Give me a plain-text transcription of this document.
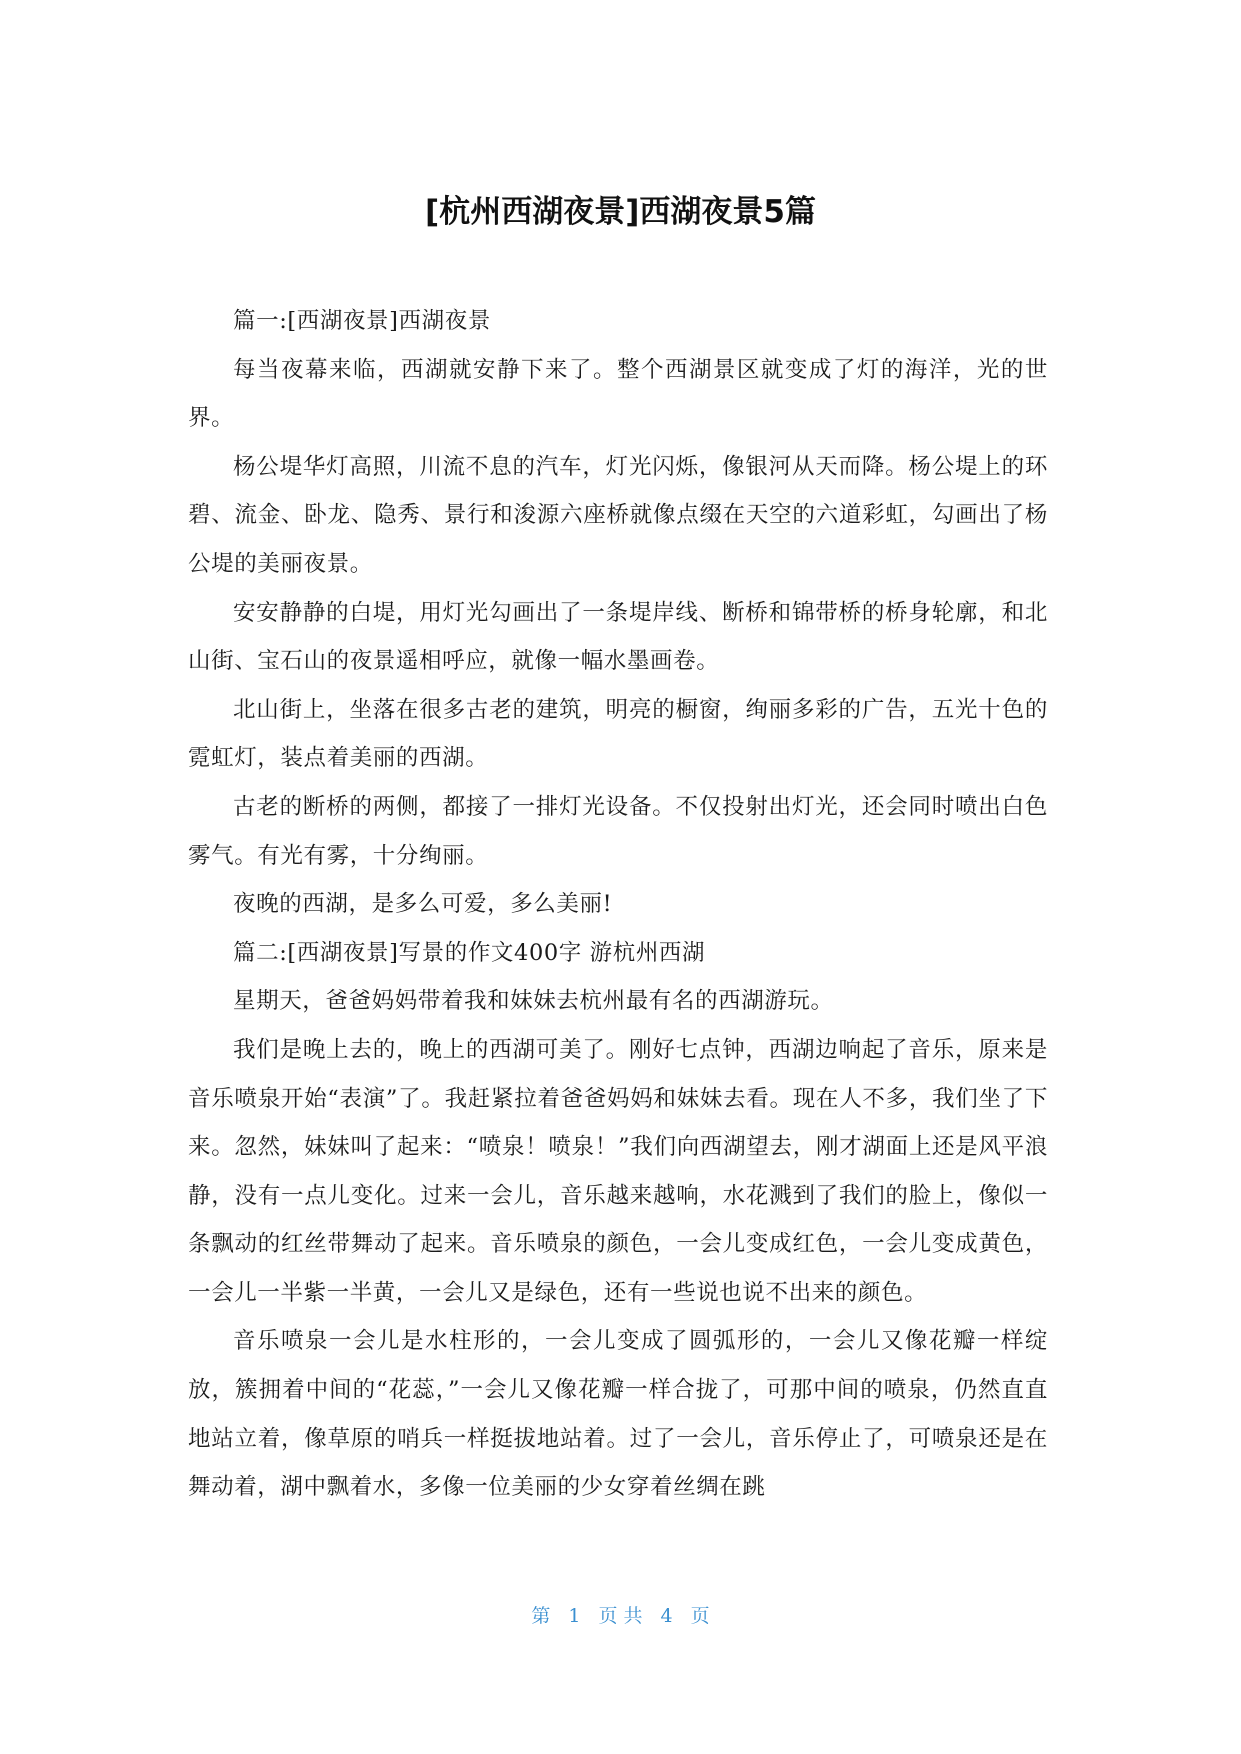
[杭州西湖夜景]西湖夜景5篇

篇一:[西湖夜景]西湖夜景

每当夜幕来临，西湖就安静下来了。整个西湖景区就变成了灯的海洋，光的世界。

杨公堤华灯高照，川流不息的汽车，灯光闪烁，像银河从天而降。杨公堤上的环碧、流金、卧龙、隐秀、景行和浚源六座桥就像点缀在天空的六道彩虹，勾画出了杨公堤的美丽夜景。

安安静静的白堤，用灯光勾画出了一条堤岸线、断桥和锦带桥的桥身轮廓，和北山街、宝石山的夜景遥相呼应，就像一幅水墨画卷。

北山街上，坐落在很多古老的建筑，明亮的橱窗，绚丽多彩的广告，五光十色的霓虹灯，装点着美丽的西湖。

古老的断桥的两侧，都接了一排灯光设备。不仅投射出灯光，还会同时喷出白色雾气。有光有雾，十分绚丽。

夜晚的西湖，是多么可爱，多么美丽!

篇二:[西湖夜景]写景的作文400字 游杭州西湖

星期天，爸爸妈妈带着我和妹妹去杭州最有名的西湖游玩。

我们是晚上去的，晚上的西湖可美了。刚好七点钟，西湖边响起了音乐，原来是音乐喷泉开始“表演”了。我赶紧拉着爸爸妈妈和妹妹去看。现在人不多，我们坐了下来。忽然，妹妹叫了起来：“喷泉！喷泉！”我们向西湖望去，刚才湖面上还是风平浪静，没有一点儿变化。过来一会儿，音乐越来越响，水花溅到了我们的脸上，像似一条飘动的红丝带舞动了起来。音乐喷泉的颜色，一会儿变成红色，一会儿变成黄色，一会儿一半紫一半黄，一会儿又是绿色，还有一些说也说不出来的颜色。

音乐喷泉一会儿是水柱形的，一会儿变成了圆弧形的，一会儿又像花瓣一样绽放，簇拥着中间的“花蕊，”一会儿又像花瓣一样合拢了，可那中间的喷泉，仍然直直地站立着，像草原的哨兵一样挺拔地站着。过了一会儿，音乐停止了，可喷泉还是在舞动着，湖中飘着水，多像一位美丽的少女穿着丝绸在跳

第 1 页 共 4 页
